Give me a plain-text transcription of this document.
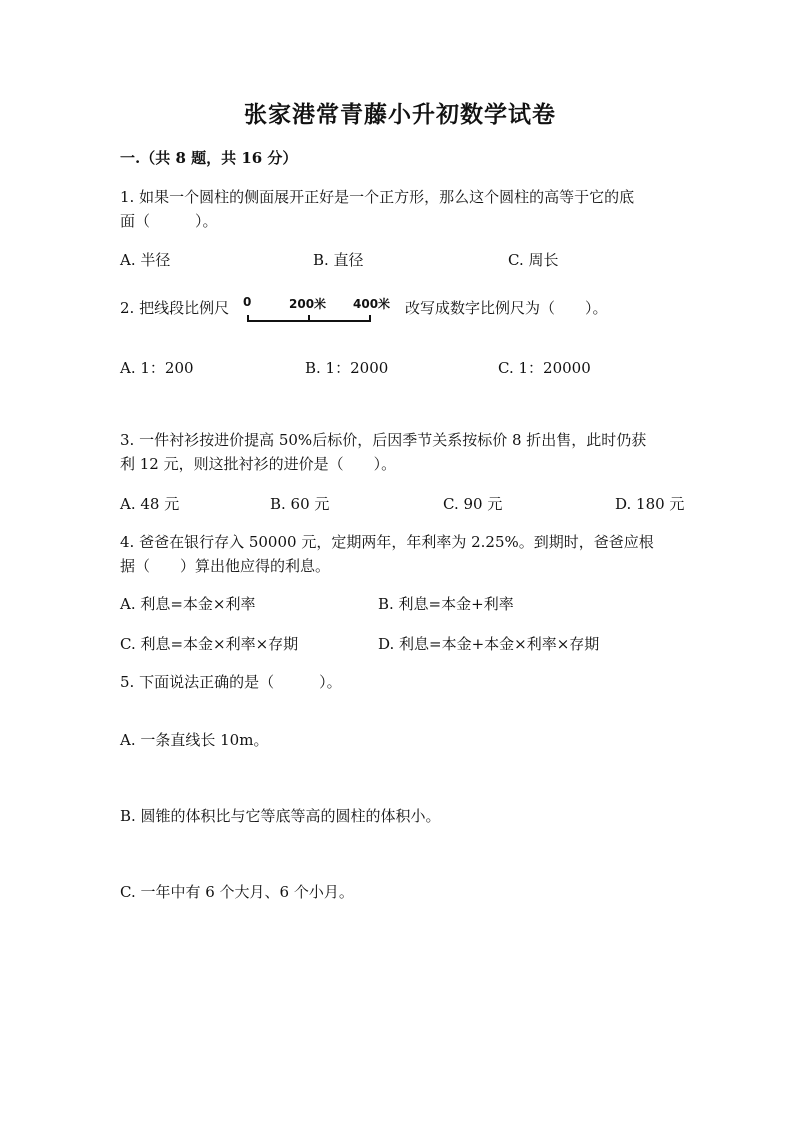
张家港常青藤小升初数学试卷
一.（共 8 题，共 16 分）
1. 如果一个圆柱的侧面展开正好是一个正方形，那么这个圆柱的高等于它的底
面（　　　）。
A. 半径	B. 直径	C. 周长
2. 把线段比例尺 0	200米 400米 改写成数字比例尺为（　　）。
A. 1：200	B. 1：2000	C. 1：20000
3. 一件衬衫按进价提高 50%后标价，后因季节关系按标价 8 折出售，此时仍获
利 12 元，则这批衬衫的进价是（　　）。
A. 48 元	B. 60 元	C. 90 元	D. 180 元
4. 爸爸在银行存入 50000 元，定期两年，年利率为 2.25%。到期时，爸爸应根
据（　　）算出他应得的利息。
A. 利息=本金×利率	B. 利息=本金+利率
C. 利息=本金×利率×存期	D. 利息=本金+本金×利率×存期
5. 下面说法正确的是（　　　）。
A. 一条直线长 10m。
B. 圆锥的体积比与它等底等高的圆柱的体积小。
C. 一年中有 6 个大月、6 个小月。
